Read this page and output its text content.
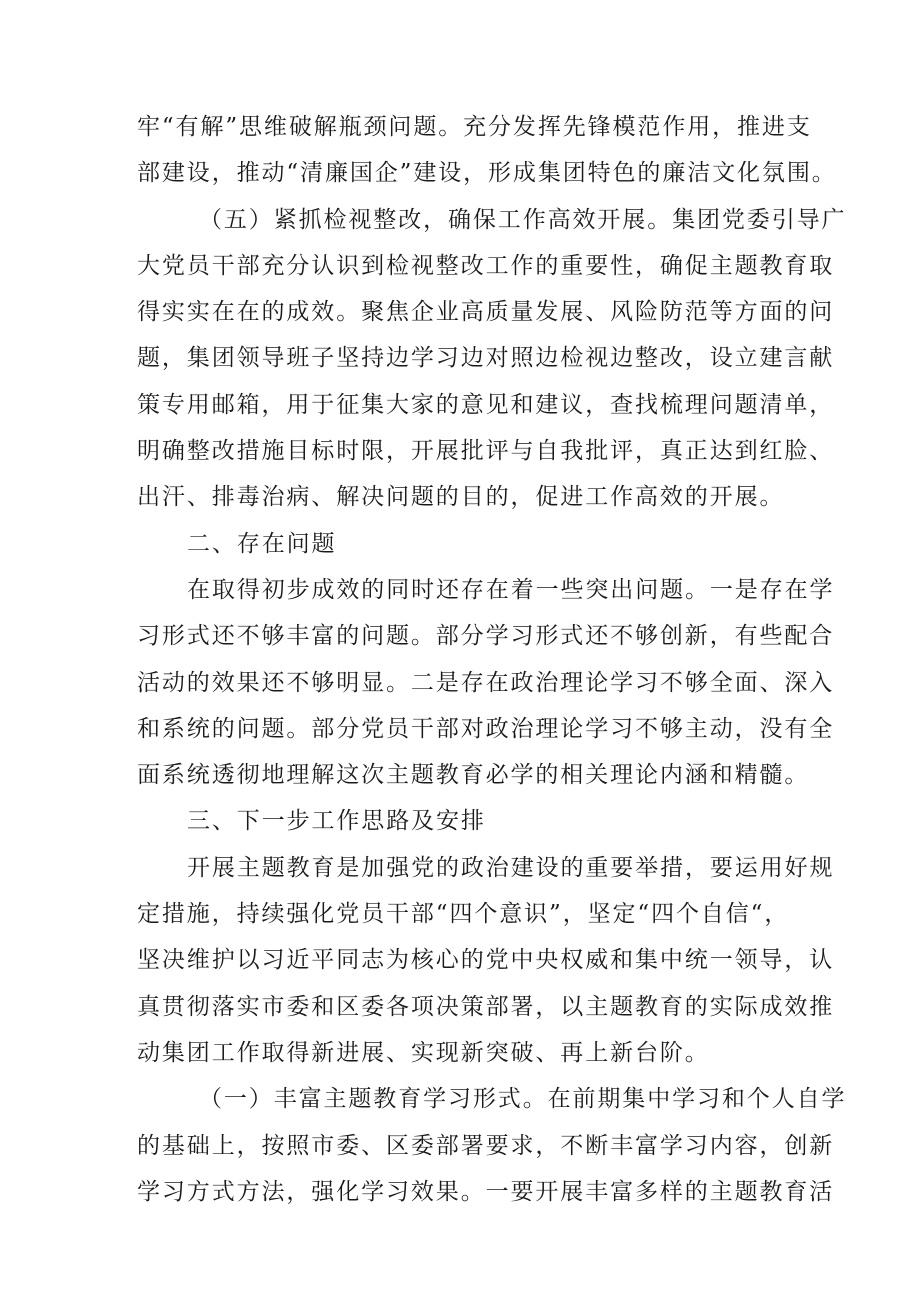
牢“有解”思维破解瓶颈问题。充分发挥先锋模范作用，推进支
部建设，推动“清廉国企”建设，形成集团特色的廉洁文化氛围。
（五）紧抓检视整改，确保工作高效开展。集团党委引导广
大党员干部充分认识到检视整改工作的重要性，确促主题教育取
得实实在在的成效。聚焦企业高质量发展、风险防范等方面的问
题，集团领导班子坚持边学习边对照边检视边整改，设立建言献
策专用邮箱，用于征集大家的意见和建议，查找梳理问题清单，
明确整改措施目标时限，开展批评与自我批评，真正达到红脸、
出汗、排毒治病、解决问题的目的，促进工作高效的开展。
二、存在问题
在取得初步成效的同时还存在着一些突出问题。一是存在学
习形式还不够丰富的问题。部分学习形式还不够创新，有些配合
活动的效果还不够明显。二是存在政治理论学习不够全面、深入
和系统的问题。部分党员干部对政治理论学习不够主动，没有全
面系统透彻地理解这次主题教育必学的相关理论内涵和精髓。
三、下一步工作思路及安排
开展主题教育是加强党的政治建设的重要举措，要运用好规
定措施，持续强化党员干部“四个意识”，坚定“四个自信“，
坚决维护以习近平同志为核心的党中央权威和集中统一领导，认
真贯彻落实市委和区委各项决策部署，以主题教育的实际成效推
动集团工作取得新进展、实现新突破、再上新台阶。
（一）丰富主题教育学习形式。在前期集中学习和个人自学
的基础上，按照市委、区委部署要求，不断丰富学习内容，创新
学习方式方法，强化学习效果。一要开展丰富多样的主题教育活
